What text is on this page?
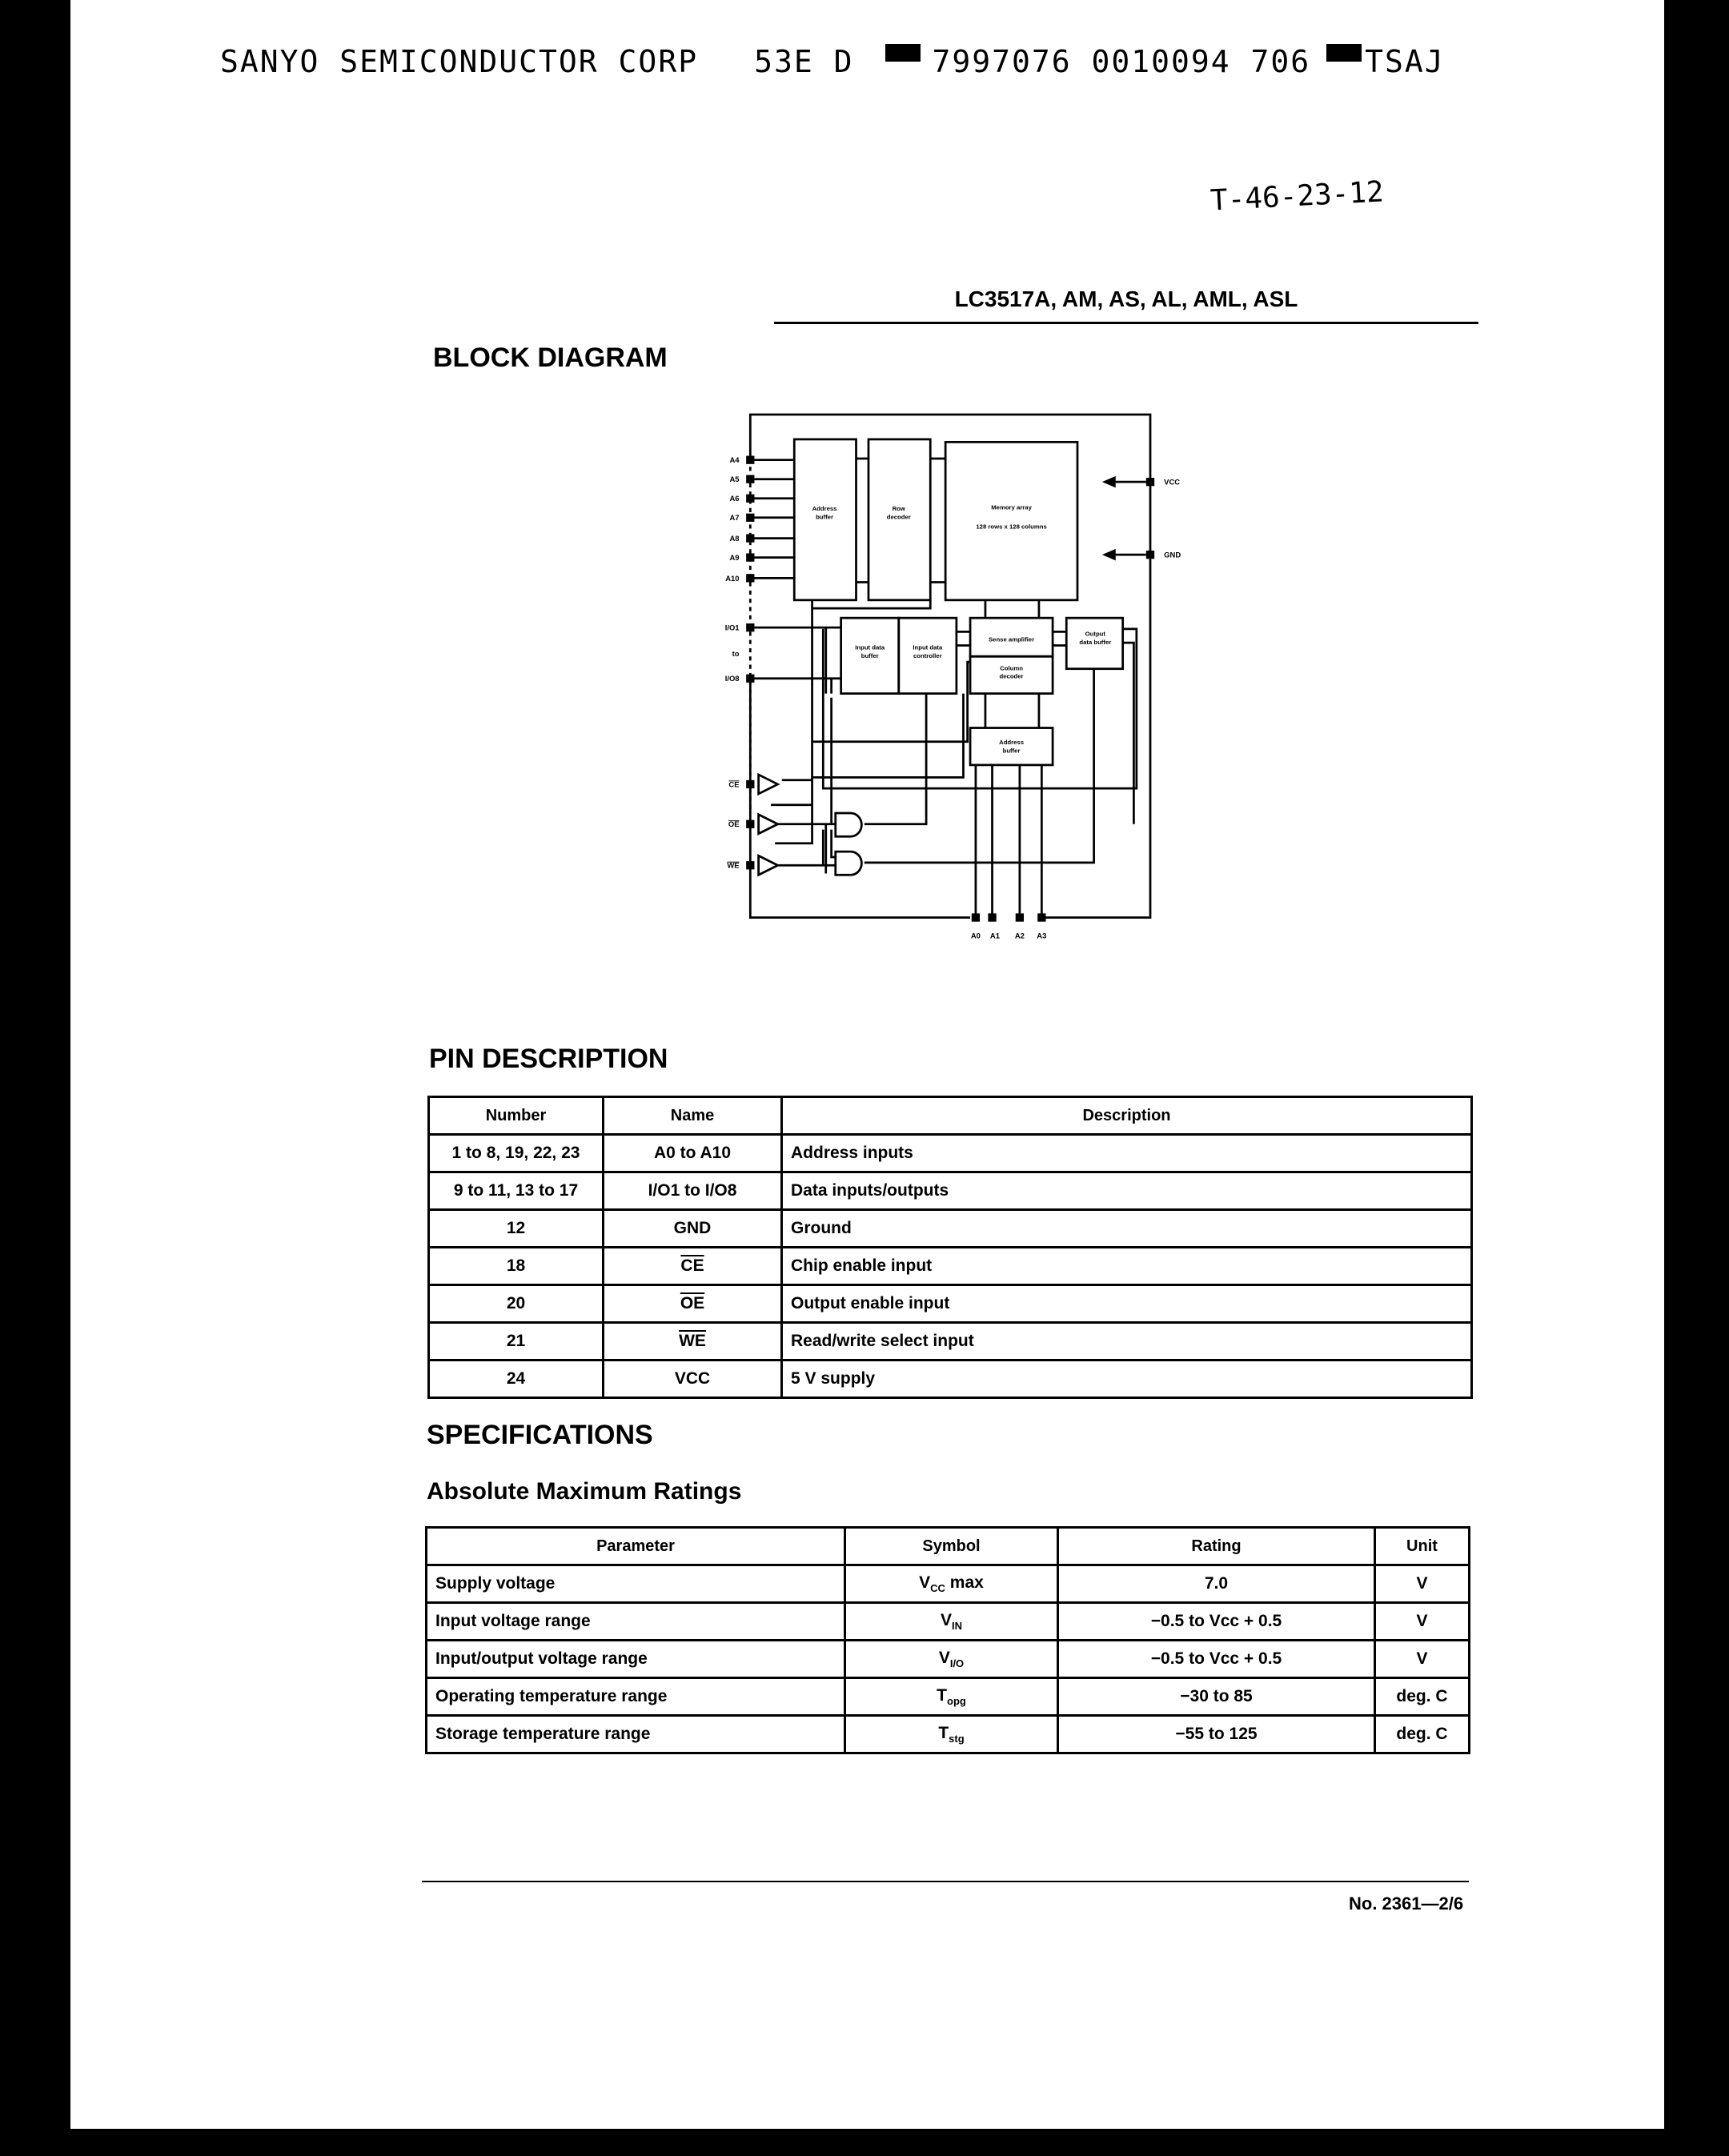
SANYO SEMICONDUCTOR CORP 53E D	7997076 0010094 706 TSAJ
T-46-23-12
LC3517A, AM, AS, AL, AML, ASL
BLOCK DIAGRAM
A4
A5
A6
A7
A8
A9
A10
I/O1
to
I/O8
CE
OE
WE
VCC
GND
A0 A1	A2	A3
Address
buffer
Row
decoder
Memory array
128 rows x 128 columns
Input data
buffer
Input data
controller
Sense amplifier
Column
decoder
Output
data buffer
Address
buffer
PIN DESCRIPTION
Number	Name	Description
1 to 8, 19, 22, 23	A0 to A10	Address inputs
9 to 11, 13 to 17	I/O1 to I/O8	Data inputs/outputs
12	GND	Ground
18	$\overline{CE}$	Chip enable input
20	$\overline{OE}$	Output enable input
21	$\overline{WE}$	Read/write select input
24	VCC	5 V supply
SPECIFICATIONS
Absolute Maximum Ratings
Parameter	Symbol	Rating	Unit
Supply voltage	$V_{CC}$ max	7.0	V
Input voltage range	$V_{IN}$	−0.5 to Vcc + 0.5	V
Input/output voltage range	$V_{I/O}$	−0.5 to Vcc + 0.5	V
Operating temperature range	$T_{opg}$	−30 to 85	deg. C
Storage temperature range	$T_{stg}$	−55 to 125	deg. C
No. 2361—2/6
